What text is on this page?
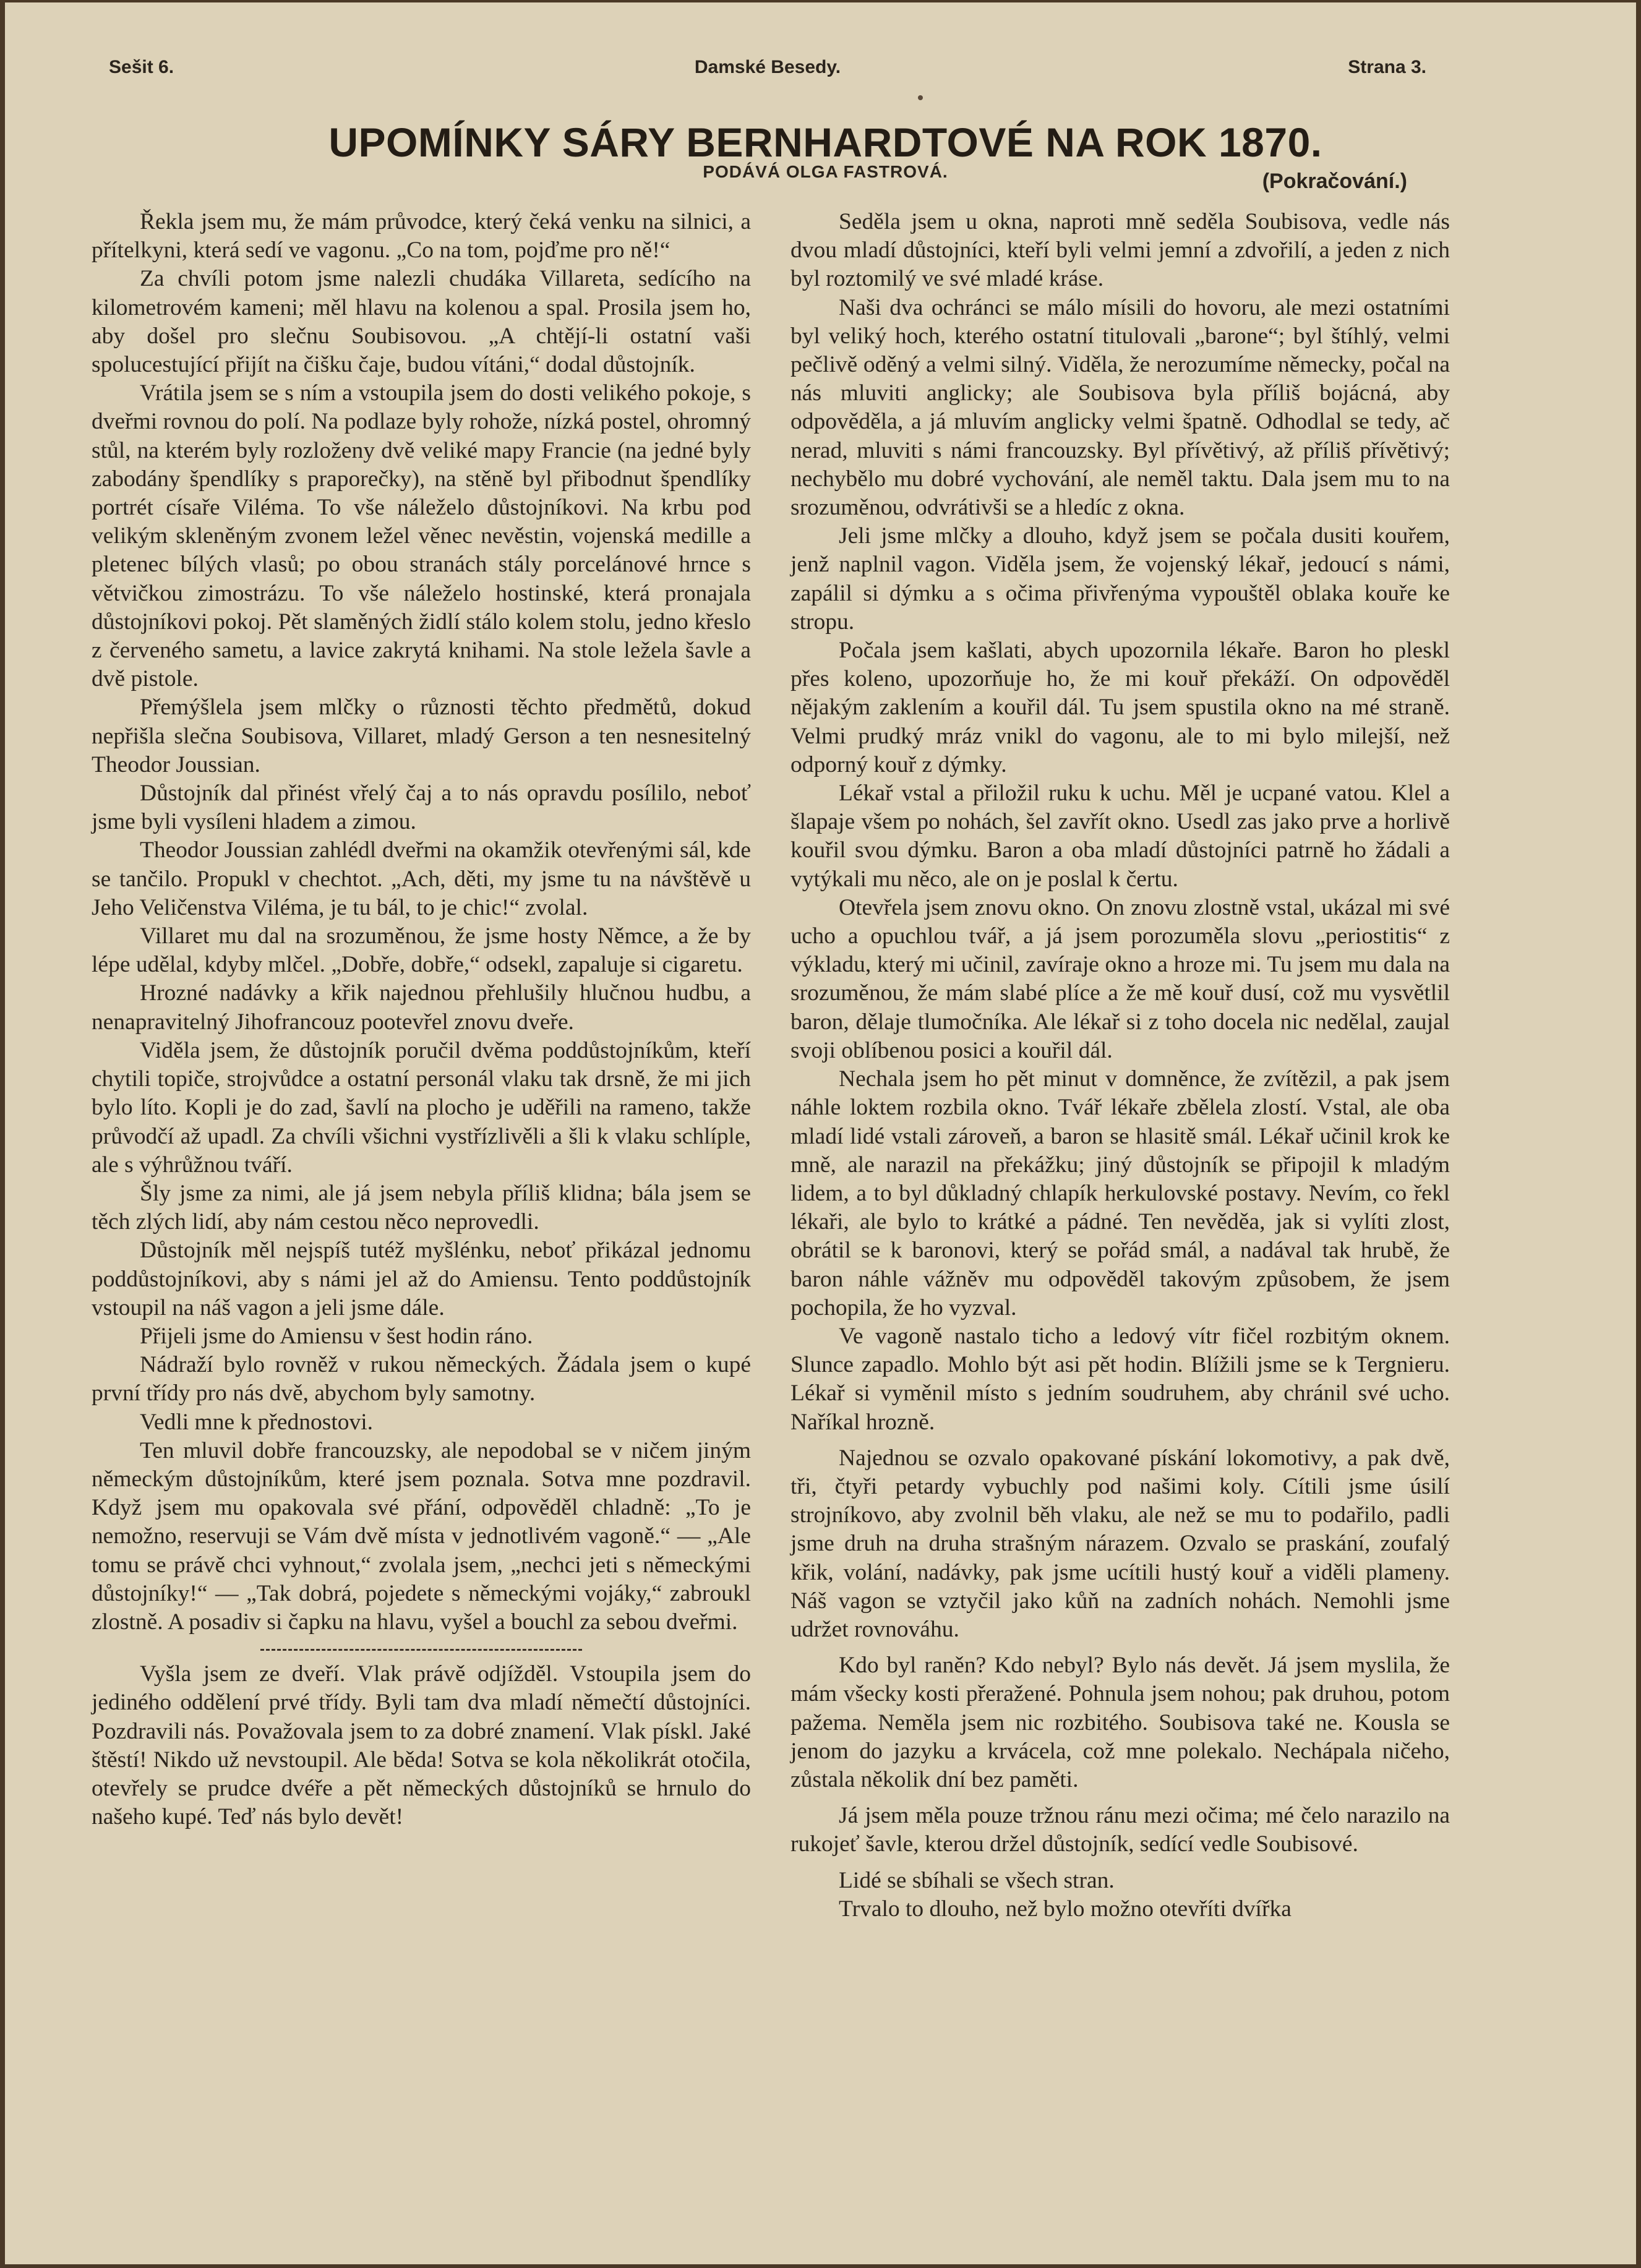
Sešit 6.	Damské Besedy.	Strana 3.
UPOMÍNKY SÁRY BERNHARDTOVÉ NA ROK 1870.
PODÁVÁ OLGA FASTROVÁ.	(Pokračování.)

Řekla jsem mu, že mám průvodce, který čeká venku na silnici, a přítelkyni, která sedí ve vagonu. „Co na tom, pojďme pro ně!“

Za chvíli potom jsme nalezli chudáka Villareta, sedícího na kilometrovém kameni; měl hlavu na kolenou a spal. Prosila jsem ho, aby došel pro slečnu Soubisovou. „A chtějí-li ostatní vaši spolucestující přijít na čišku čaje, budou vítáni,“ dodal důstojník.

Vrátila jsem se s ním a vstoupila jsem do dosti velikého pokoje, s dveřmi rovnou do polí. Na podlaze byly rohože, nízká postel, ohromný stůl, na kterém byly rozloženy dvě veliké mapy Francie (na jedné byly zabodány špendlíky s praporečky), na stěně byl přibodnut špendlíky portrét císaře Viléma. To vše náleželo důstojníkovi. Na krbu pod velikým skleněným zvonem ležel věnec nevěstin, vojenská medille a pletenec bílých vlasů; po obou stranách stály porcelánové hrnce s větvičkou zimostrázu. To vše náleželo hostinské, která pronajala důstojníkovi pokoj. Pět slaměných židlí stálo kolem stolu, jedno křeslo z červeného sametu, a lavice zakrytá knihami. Na stole ležela šavle a dvě pistole.

Přemýšlela jsem mlčky o různosti těchto předmětů, dokud nepřišla slečna Soubisova, Villaret, mladý Gerson a ten nesnesitelný Theodor Joussian.

Důstojník dal přinést vřelý čaj a to nás opravdu posílilo, neboť jsme byli vysíleni hladem a zimou.

Theodor Joussian zahlédl dveřmi na okamžik otevřenými sál, kde se tančilo. Propukl v chechtot. „Ach, děti, my jsme tu na návštěvě u Jeho Veličenstva Viléma, je tu bál, to je chic!“ zvolal.

Villaret mu dal na srozuměnou, že jsme hosty Němce, a že by lépe udělal, kdyby mlčel. „Dobře, dobře,“ odsekl, zapaluje si cigaretu.

Hrozné nadávky a křik najednou přehlušily hlučnou hudbu, a nenapravitelný Jihofrancouz pootevřel znovu dveře.

Viděla jsem, že důstojník poručil dvěma poddůstojníkům, kteří chytili topiče, strojvůdce a ostatní personál vlaku tak drsně, že mi jich bylo líto. Kopli je do zad, šavlí na plocho je uděřili na rameno, takže průvodčí až upadl. Za chvíli všichni vystřízlivěli a šli k vlaku schlíple, ale s výhrůžnou tváří.

Šly jsme za nimi, ale já jsem nebyla příliš klidna; bála jsem se těch zlých lidí, aby nám cestou něco neprovedli.

Důstojník měl nejspíš tutéž myšlénku, neboť přikázal jednomu poddůstojníkovi, aby s námi jel až do Amiensu. Tento poddůstojník vstoupil na náš vagon a jeli jsme dále.

Přijeli jsme do Amiensu v šest hodin ráno.

Nádraží bylo rovněž v rukou německých. Žádala jsem o kupé první třídy pro nás dvě, abychom byly samotny.

Vedli mne k přednostovi.

Ten mluvil dobře francouzsky, ale nepodobal se v ničem jiným německým důstojníkům, které jsem poznala. Sotva mne pozdravil. Když jsem mu opakovala své přání, odpověděl chladně: „To je nemožno, reservuji se Vám dvě místa v jednotlivém vagoně.“ — „Ale tomu se právě chci vyhnout,“ zvolala jsem, „nechci jeti s německými důstojníky!“ — „Tak dobrá, pojedete s německými vojáky,“ zabroukl zlostně. A posadiv si čapku na hlavu, vyšel a bouchl za sebou dveřmi.

Vyšla jsem ze dveří. Vlak právě odjížděl. Vstoupila jsem do jediného oddělení prvé třídy. Byli tam dva mladí němečtí důstojníci. Pozdravili nás. Považovala jsem to za dobré znamení. Vlak pískl. Jaké štěstí! Nikdo už nevstoupil. Ale běda! Sotva se kola několikrát otočila, otevřely se prudce dvéře a pět německých důstojníků se hrnulo do našeho kupé. Teď nás bylo devět!

Seděla jsem u okna, naproti mně seděla Soubisova, vedle nás dvou mladí důstojníci, kteří byli velmi jemní a zdvořilí, a jeden z nich byl roztomilý ve své mladé kráse.

Naši dva ochránci se málo mísili do hovoru, ale mezi ostatními byl veliký hoch, kterého ostatní titulovali „barone“; byl štíhlý, velmi pečlivě oděný a velmi silný. Viděla, že nerozumíme německy, počal na nás mluviti anglicky; ale Soubisova byla příliš bojácná, aby odpověděla, a já mluvím anglicky velmi špatně. Odhodlal se tedy, ač nerad, mluviti s námi francouzsky. Byl přívětivý, až příliš přívětivý; nechybělo mu dobré vychování, ale neměl taktu. Dala jsem mu to na srozuměnou, odvrátivši se a hledíc z okna.

Jeli jsme mlčky a dlouho, když jsem se počala dusiti kouřem, jenž naplnil vagon. Viděla jsem, že vojenský lékař, jedoucí s námi, zapálil si dýmku a s očima přivřenýma vypouštěl oblaka kouře ke stropu.

Počala jsem kašlati, abych upozornila lékaře. Baron ho pleskl přes koleno, upozorňuje ho, že mi kouř překáží. On odpověděl nějakým zaklením a kouřil dál. Tu jsem spustila okno na mé straně. Velmi prudký mráz vnikl do vagonu, ale to mi bylo milejší, než odporný kouř z dýmky.

Lékař vstal a přiložil ruku k uchu. Měl je ucpané vatou. Klel a šlapaje všem po nohách, šel zavřít okno. Usedl zas jako prve a horlivě kouřil svou dýmku. Baron a oba mladí důstojníci patrně ho žádali a vytýkali mu něco, ale on je poslal k čertu.

Otevřela jsem znovu okno. On znovu zlostně vstal, ukázal mi své ucho a opuchlou tvář, a já jsem porozuměla slovu „periostitis“ z výkladu, který mi učinil, zavíraje okno a hroze mi. Tu jsem mu dala na srozuměnou, že mám slabé plíce a že mě kouř dusí, což mu vysvětlil baron, dělaje tlumočníka. Ale lékař si z toho docela nic nedělal, zaujal svoji oblíbenou posici a kouřil dál.

Nechala jsem ho pět minut v domněnce, že zvítězil, a pak jsem náhle loktem rozbila okno. Tvář lékaře zbělela zlostí. Vstal, ale oba mladí lidé vstali zároveň, a baron se hlasitě smál. Lékař učinil krok ke mně, ale narazil na překážku; jiný důstojník se připojil k mladým lidem, a to byl důkladný chlapík herkulovské postavy. Nevím, co řekl lékaři, ale bylo to krátké a pádné. Ten nevěděa, jak si vylíti zlost, obrátil se k baronovi, který se pořád smál, a nadával tak hrubě, že baron náhle vážněv mu odpověděl takovým způsobem, že jsem pochopila, že ho vyzval.

Ve vagoně nastalo ticho a ledový vítr fičel rozbitým oknem. Slunce zapadlo. Mohlo být asi pět hodin. Blížili jsme se k Tergnieru. Lékař si vyměnil místo s jedním soudruhem, aby chránil své ucho. Naříkal hrozně.

Najednou se ozvalo opakované pískání lokomotivy, a pak dvě, tři, čtyři petardy vybuchly pod našimi koly. Cítili jsme úsilí strojníkovo, aby zvolnil běh vlaku, ale než se mu to podařilo, padli jsme druh na druha strašným nárazem. Ozvalo se praskání, zoufalý křik, volání, nadávky, pak jsme ucítili hustý kouř a viděli plameny. Náš vagon se vztyčil jako kůň na zadních nohách. Nemohli jsme udržet rovnováhu.

Kdo byl raněn? Kdo nebyl? Bylo nás devět. Já jsem myslila, že mám všecky kosti přeražené. Pohnula jsem nohou; pak druhou, potom pažema. Neměla jsem nic rozbitého. Soubisova také ne. Kousla se jenom do jazyku a krvácela, což mne polekalo. Nechápala ničeho, zůstala několik dní bez paměti.

Já jsem měla pouze tržnou ránu mezi očima; mé čelo narazilo na rukojeť šavle, kterou držel důstojník, sedící vedle Soubisové.

Lidé se sbíhali se všech stran.

Trvalo to dlouho, než bylo možno otevříti dvířka
